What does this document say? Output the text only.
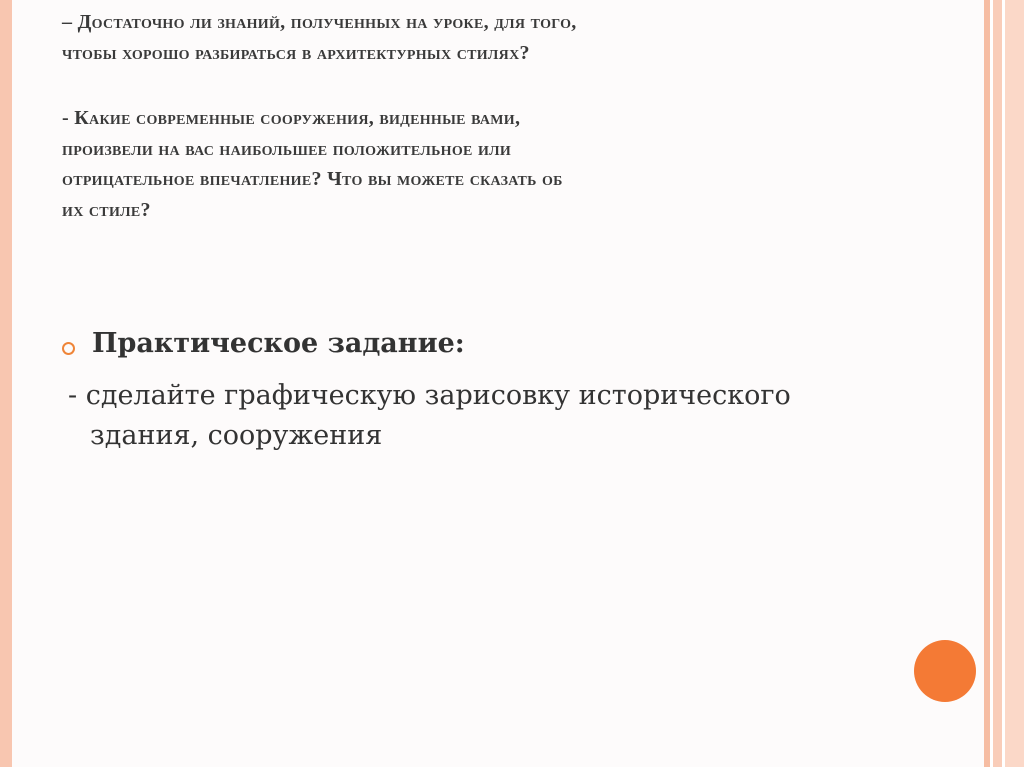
– Достаточно ли знаний, полученных на уроке, для того,
чтобы хорошо разбираться в архитектурных стилях?
- Какие современные сооружения, виденные вами,
произвели на вас наибольшее положительное или
отрицательное впечатление? Что вы можете сказать об
их стиле?
Практическое задание:
- сделайте графическую зарисовку исторического
здания, сооружения
